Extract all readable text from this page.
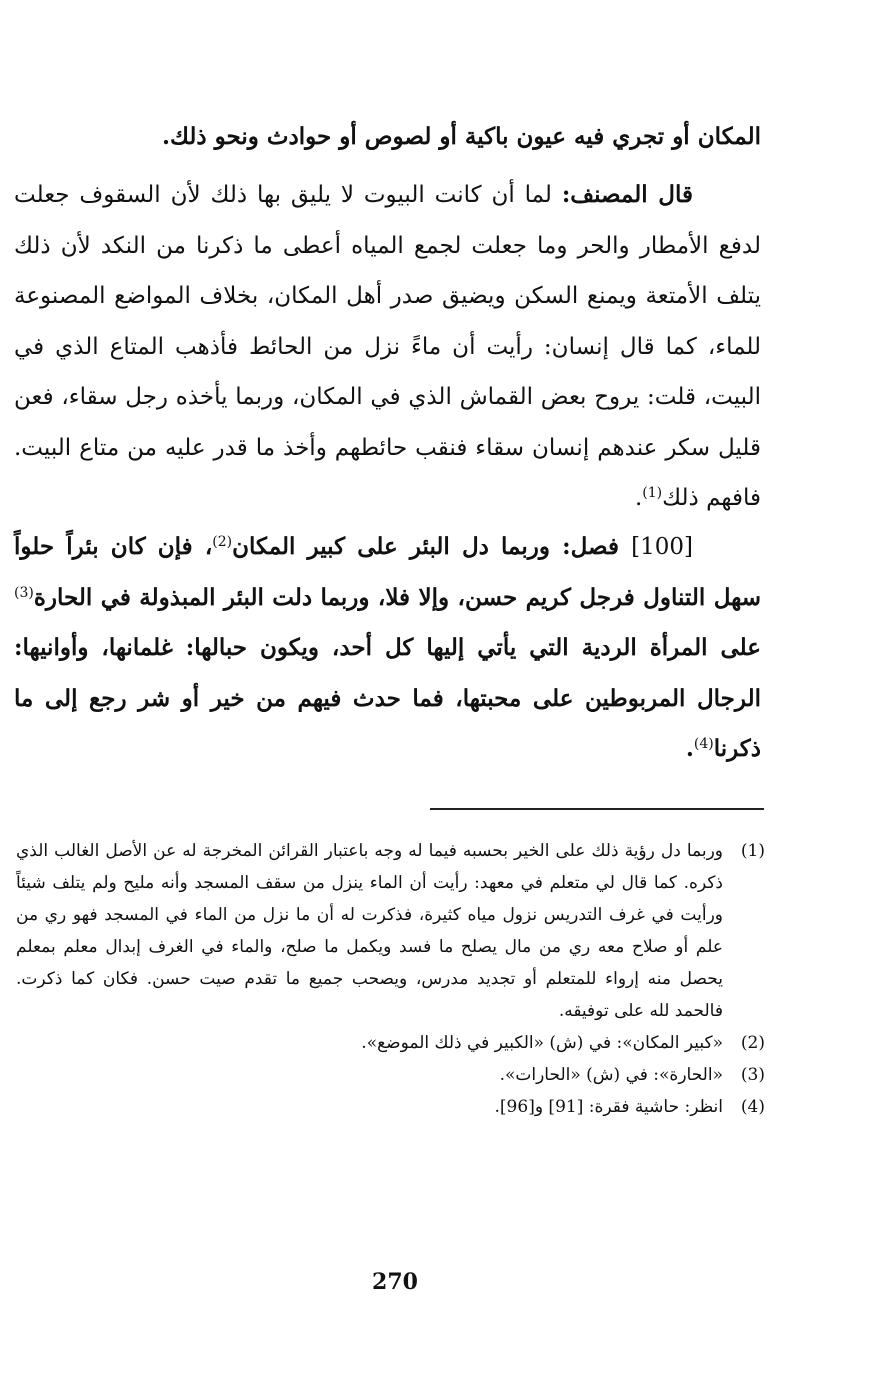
المكان أو تجري فيه عيون باكية أو لصوص أو حوادث ونحو ذلك.

قال المصنف: لما أن كانت البيوت لا يليق بها ذلك لأن السقوف جعلت لدفع الأمطار والحر وما جعلت لجمع المياه أعطى ما ذكرنا من النكد لأن ذلك يتلف الأمتعة ويمنع السكن ويضيق صدر أهل المكان، بخلاف المواضع المصنوعة للماء، كما قال إنسان: رأيت أن ماءً نزل من الحائط فأذهب المتاع الذي في البيت، قلت: يروح بعض القماش الذي في المكان، وربما يأخذه رجل سقاء، فعن قليل سكر عندهم إنسان سقاء فنقب حائطهم وأخذ ما قدر عليه من متاع البيت. فافهم ذلك$^{(1)}$.

[100] فصل: وربما دل البئر على كبير المكان$^{(2)}$، فإن كان بئراً حلواً سهل التناول فرجل كريم حسن، وإلا فلا، وربما دلت البئر المبذولة في الحارة$^{(3)}$ على المرأة الردية التي يأتي إليها كل أحد، ويكون حبالها: غلمانها، وأوانيها: الرجال المربوطين على محبتها، فما حدث فيهم من خير أو شر رجع إلى ما ذكرنا$^{(4)}$.

(1)
وربما دل رؤية ذلك على الخير بحسبه فيما له وجه باعتبار القرائن المخرجة له عن الأصل الغالب الذي ذكره. كما قال لي متعلم في معهد: رأيت أن الماء ينزل من سقف المسجد وأنه مليح ولم يتلف شيئاً ورأيت في غرف التدريس نزول مياه كثيرة، فذكرت له أن ما نزل من الماء في المسجد فهو ري من علم أو صلاح معه ري من مال يصلح ما فسد ويكمل ما صلح، والماء في الغرف إبدال معلم بمعلم يحصل منه إرواء للمتعلم أو تجديد مدرس، ويصحب جميع ما تقدم صيت حسن. فكان كما ذكرت. فالحمد لله على توفيقه.
(2)
«كبير المكان»: في (ش) «الكبير في ذلك الموضع».
(3)
«الحارة»: في (ش) «الحارات».
(4)
انظر: حاشية فقرة: [91] و[96].
270
